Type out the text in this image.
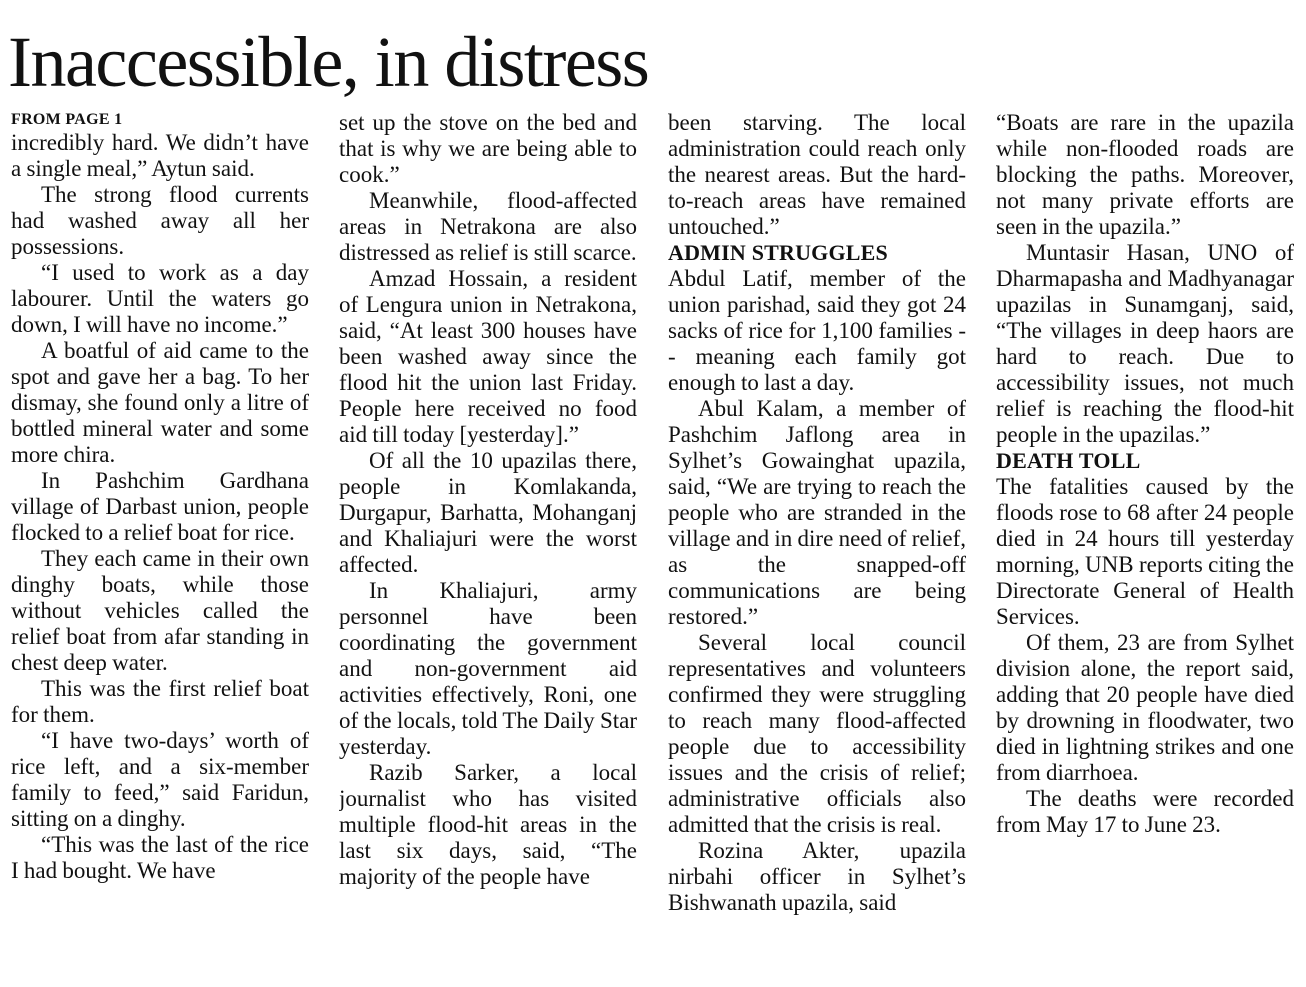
Inaccessible, in distress
FROM PAGE 1

incredibly hard. We didn’t have a single meal,” Aytun said.

The strong flood currents had washed away all her possessions.

“I used to work as a day labourer. Until the waters go down, I will have no income.”

A boatful of aid came to the spot and gave her a bag. To her dismay, she found only a litre of bottled mineral water and some more chira.

In Pashchim Gardhana village of Darbast union, people flocked to a relief boat for rice.

They each came in their own dinghy boats, while those without vehicles called the relief boat from afar standing in chest deep water.

This was the first relief boat for them.

“I have two-days’ worth of rice left, and a six-member family to feed,” said Faridun, sitting on a dinghy.

“This was the last of the rice I had bought. We have

set up the stove on the bed and that is why we are being able to cook.”

Meanwhile, flood-affected areas in Netrakona are also distressed as relief is still scarce.

Amzad Hossain, a resident of Lengura union in Netrakona, said, “At least 300 houses have been washed away since the flood hit the union last Friday. People here received no food aid till today [yesterday].”

Of all the 10 upazilas there, people in Komlakanda, Durgapur, Barhatta, Mohanganj and Khaliajuri were the worst affected.

In Khaliajuri, army personnel have been coordinating the government and non-government aid activities effectively, Roni, one of the locals, told The Daily Star yesterday.

Razib Sarker, a local journalist who has visited multiple flood-hit areas in the last six days, said, “The majority of the people have

been starving. The local administration could reach only the nearest areas. But the hard-to-reach areas have remained untouched.”

ADMIN STRUGGLES

Abdul Latif, member of the union parishad, said they got 24 sacks of rice for 1,100 families -- meaning each family got enough to last a day.

Abul Kalam, a member of Pashchim Jaflong area in Sylhet’s Gowainghat upazila, said, “We are trying to reach the people who are stranded in the village and in dire need of relief, as the snapped-off communications are being restored.”

Several local council representatives and volunteers confirmed they were struggling to reach many flood-affected people due to accessibility issues and the crisis of relief; administrative officials also admitted that the crisis is real.

Rozina Akter, upazila nirbahi officer in Sylhet’s Bishwanath upazila, said

“Boats are rare in the upazila while non-flooded roads are blocking the paths. Moreover, not many private efforts are seen in the upazila.”

Muntasir Hasan, UNO of Dharmapasha and Madhyanagar upazilas in Sunamganj, said, “The villages in deep haors are hard to reach. Due to accessibility issues, not much relief is reaching the flood-hit people in the upazilas.”

DEATH TOLL

The fatalities caused by the floods rose to 68 after 24 people died in 24 hours till yesterday morning, UNB reports citing the Directorate General of Health Services.

Of them, 23 are from Sylhet division alone, the report said, adding that 20 people have died by drowning in floodwater, two died in lightning strikes and one from diarrhoea.

The deaths were recorded from May 17 to June 23.
